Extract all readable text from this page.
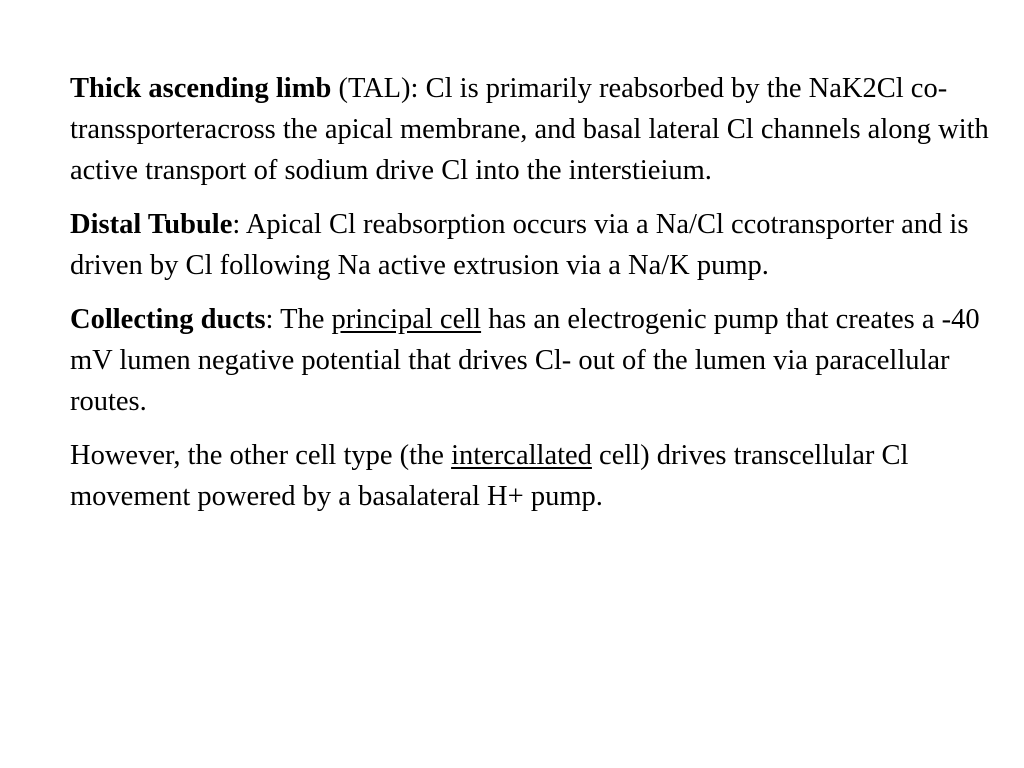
Thick ascending limb (TAL): Cl is primarily reabsorbed by the NaK2Cl co-transsporteracross the apical membrane, and basal lateral Cl channels along with active transport of sodium drive Cl into the interstieium.

Distal Tubule: Apical Cl reabsorption occurs via a Na/Cl ccotransporter and is driven by Cl following Na active extrusion via a Na/K pump.

Collecting ducts: The principal cell has an electrogenic pump that creates a -40 mV lumen negative potential that drives Cl- out of the lumen via paracellular routes.

However, the other cell type (the intercallated cell) drives transcellular Cl movement powered by a basalateral H+ pump.
